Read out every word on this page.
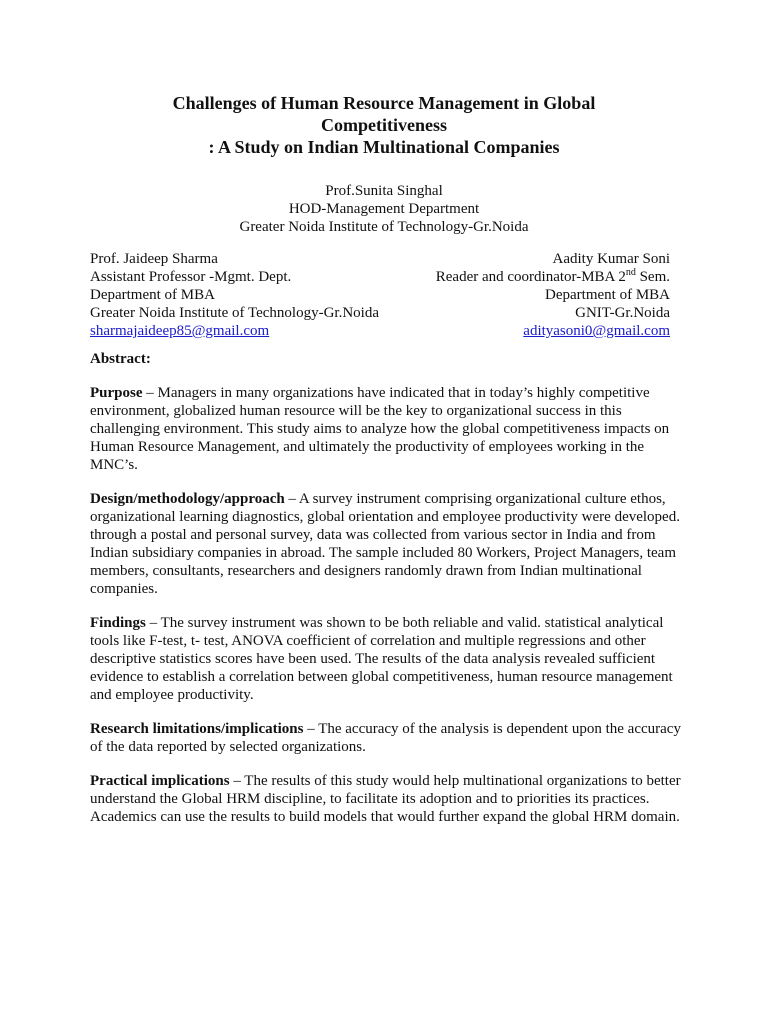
Challenges of Human Resource Management in Global
Competitiveness
: A Study on Indian Multinational Companies
Prof.Sunita Singhal
HOD-Management Department
Greater Noida Institute of Technology-Gr.Noida
Prof. Jaideep Sharma
Assistant Professor -Mgmt. Dept.
Department of MBA
Greater Noida Institute of Technology-Gr.Noida
sharmajaideep85@gmail.com
Aadity Kumar Soni
Reader and coordinator-MBA 2nd Sem.
Department of MBA
GNIT-Gr.Noida
adityasoni0@gmail.com
Abstract:

Purpose – Managers in many organizations have indicated that in today’s highly competitive environment, globalized human resource will be the key to organizational success in this challenging environment. This study aims to analyze how the global competitiveness impacts on Human Resource Management, and ultimately the productivity of employees working in the MNC’s.

Design/methodology/approach – A survey instrument comprising organizational culture ethos, organizational learning diagnostics, global orientation and employee productivity were developed. through a postal and personal survey, data was collected from various sector in India and from Indian subsidiary companies in abroad. The sample included 80 Workers, Project Managers, team members, consultants, researchers and designers randomly drawn from Indian multinational companies.

Findings – The survey instrument was shown to be both reliable and valid. statistical analytical tools like F-test, t- test, ANOVA coefficient of correlation and multiple regressions and other descriptive statistics scores have been used. The results of the data analysis revealed sufficient evidence to establish a correlation between global competitiveness, human resource management and employee productivity.

Research limitations/implications – The accuracy of the analysis is dependent upon the accuracy of the data reported by selected organizations.

Practical implications – The results of this study would help multinational organizations to better understand the Global HRM discipline, to facilitate its adoption and to priorities its practices. Academics can use the results to build models that would further expand the global HRM domain.
